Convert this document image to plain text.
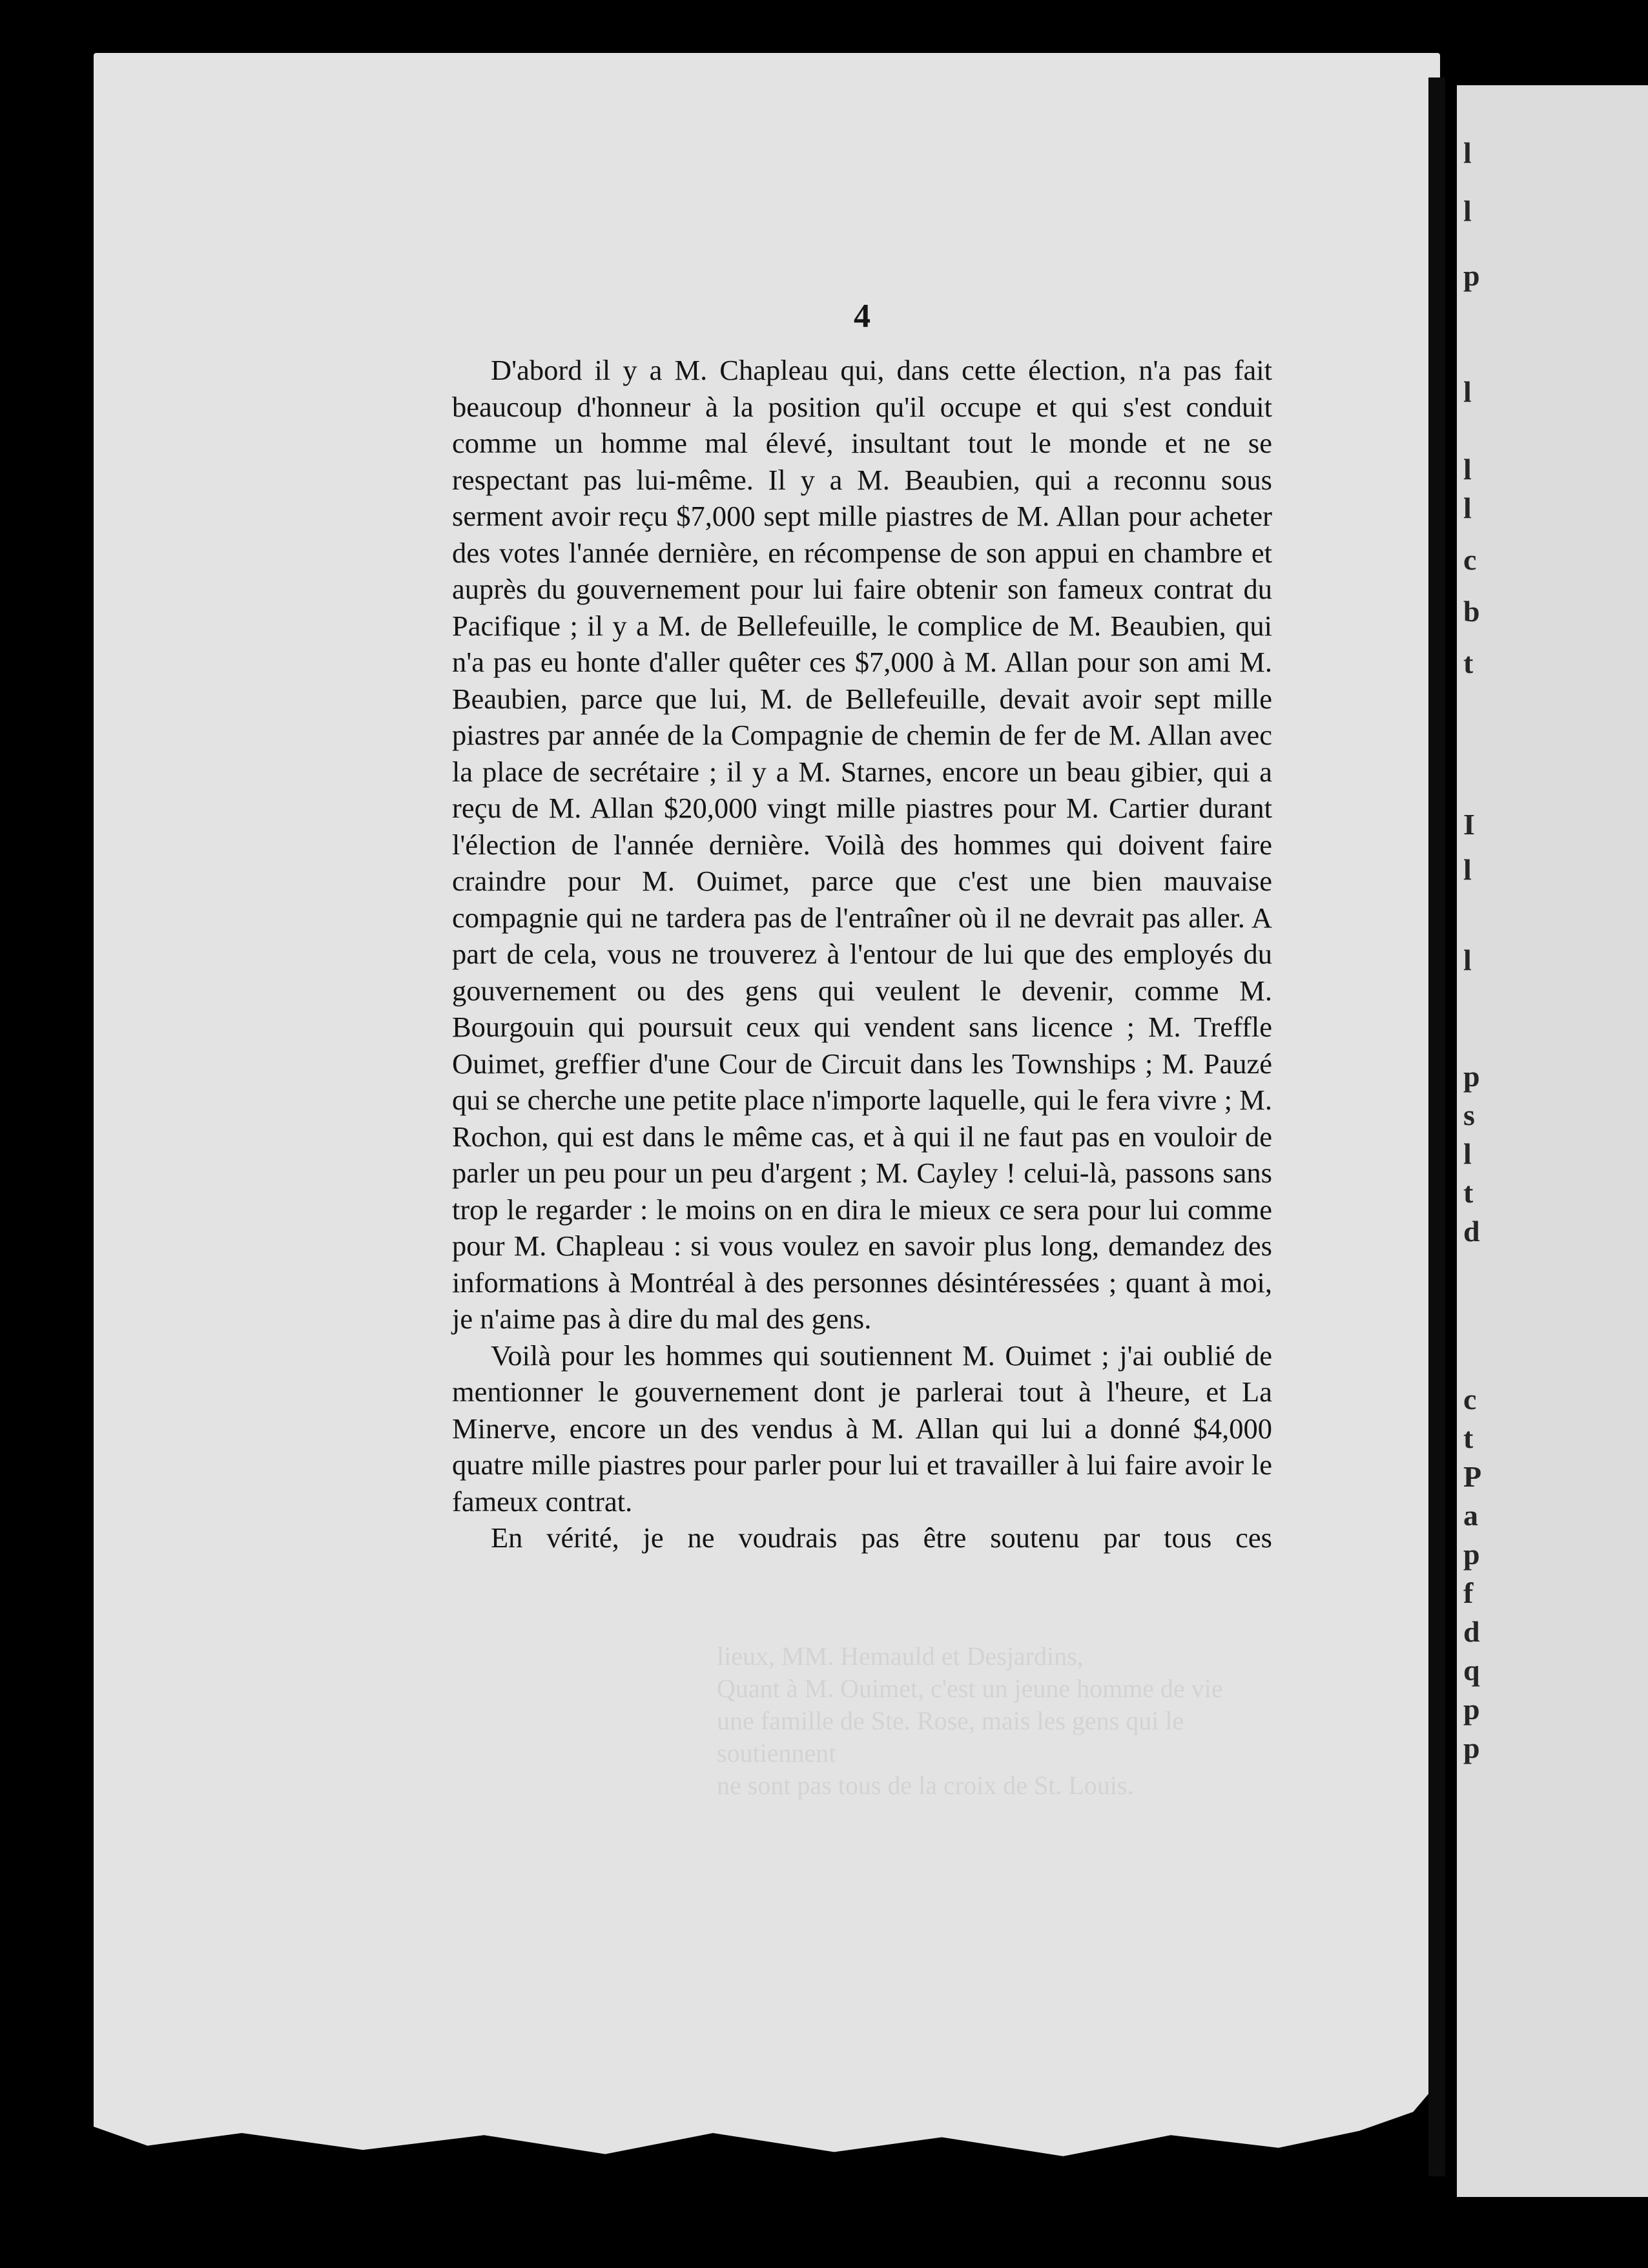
lieux, MM. Hemauld et Desjardins,
Quant à M. Ouimet, c'est un jeune homme de vie
une famille de Ste. Rose, mais les gens qui le soutiennent
ne sont pas tous de la croix de St. Louis.
4

D'abord il y a M. Chapleau qui, dans cette élection, n'a pas fait beaucoup d'honneur à la position qu'il occupe et qui s'est conduit comme un homme mal élevé, insultant tout le monde et ne se respectant pas lui-même. Il y a M. Beaubien, qui a reconnu sous serment avoir reçu $7,000 sept mille piastres de M. Allan pour acheter des votes l'année dernière, en récompense de son appui en chambre et auprès du gouvernement pour lui faire obtenir son fameux contrat du Pacifique ; il y a M. de Bellefeuille, le complice de M. Beaubien, qui n'a pas eu honte d'aller quêter ces $7,000 à M. Allan pour son ami M. Beaubien, parce que lui, M. de Bellefeuille, devait avoir sept mille piastres par année de la Compagnie de chemin de fer de M. Allan avec la place de secrétaire ; il y a M. Starnes, encore un beau gibier, qui a reçu de M. Allan $20,000 vingt mille piastres pour M. Cartier durant l'élection de l'année dernière. Voilà des hommes qui doivent faire craindre pour M. Ouimet, parce que c'est une bien mauvaise compagnie qui ne tardera pas de l'entraîner où il ne devrait pas aller. A part de cela, vous ne trouverez à l'entour de lui que des employés du gouvernement ou des gens qui veulent le devenir, comme M. Bourgouin qui poursuit ceux qui vendent sans licence ; M. Treffle Ouimet, greffier d'une Cour de Circuit dans les Townships ; M. Pauzé qui se cherche une petite place n'importe laquelle, qui le fera vivre ; M. Rochon, qui est dans le même cas, et à qui il ne faut pas en vouloir de parler un peu pour un peu d'argent ; M. Cayley ! celui-là, passons sans trop le regarder : le moins on en dira le mieux ce sera pour lui comme pour M. Chapleau : si vous voulez en savoir plus long, demandez des informations à Montréal à des personnes désintéressées ; quant à moi, je n'aime pas à dire du mal des gens.

Voilà pour les hommes qui soutiennent M. Ouimet ; j'ai oublié de mentionner le gouvernement dont je parlerai tout à l'heure, et La Minerve, encore un des vendus à M. Allan qui lui a donné $4,000 quatre mille piastres pour parler pour lui et travailler à lui faire avoir le fameux contrat.

En vérité, je ne voudrais pas être soutenu par tous ces

l
l
p
l
l
l
c
b
t
I
l
l
p
s
l
t
d
c
t
P
a
p
f
d
q
p
p
